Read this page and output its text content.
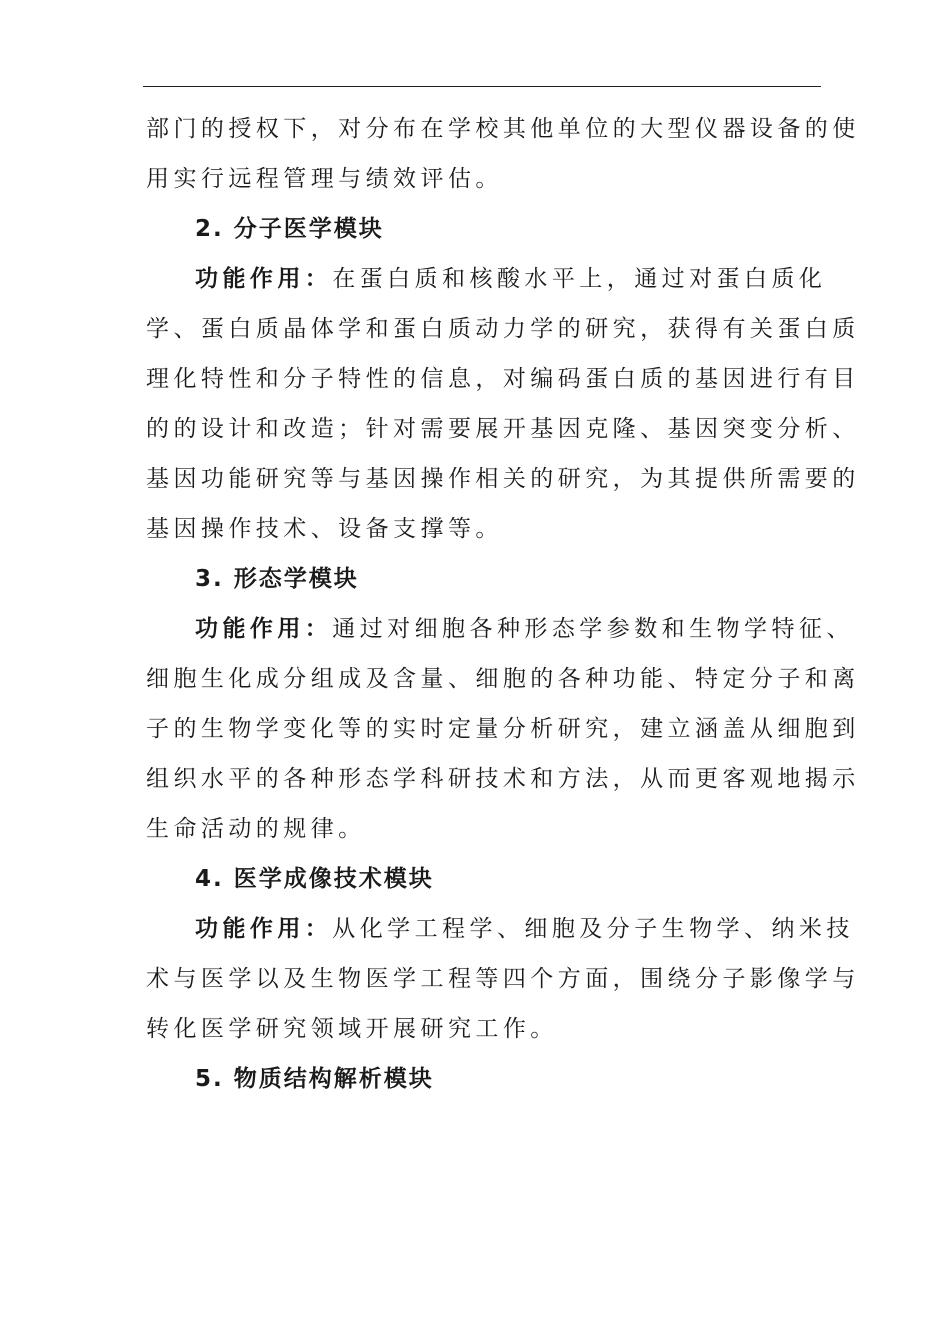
部门的授权下，对分布在学校其他单位的大型仪器设备的使
用实行远程管理与绩效评估。
2. 分子医学模块
功能作用：在蛋白质和核酸水平上，通过对蛋白质化
学、蛋白质晶体学和蛋白质动力学的研究，获得有关蛋白质
理化特性和分子特性的信息，对编码蛋白质的基因进行有目
的的设计和改造；针对需要展开基因克隆、基因突变分析、
基因功能研究等与基因操作相关的研究，为其提供所需要的
基因操作技术、设备支撑等。
3. 形态学模块
功能作用：通过对细胞各种形态学参数和生物学特征、
细胞生化成分组成及含量、细胞的各种功能、特定分子和离
子的生物学变化等的实时定量分析研究，建立涵盖从细胞到
组织水平的各种形态学科研技术和方法，从而更客观地揭示
生命活动的规律。
4. 医学成像技术模块
功能作用：从化学工程学、细胞及分子生物学、纳米技
术与医学以及生物医学工程等四个方面，围绕分子影像学与
转化医学研究领域开展研究工作。
5. 物质结构解析模块
